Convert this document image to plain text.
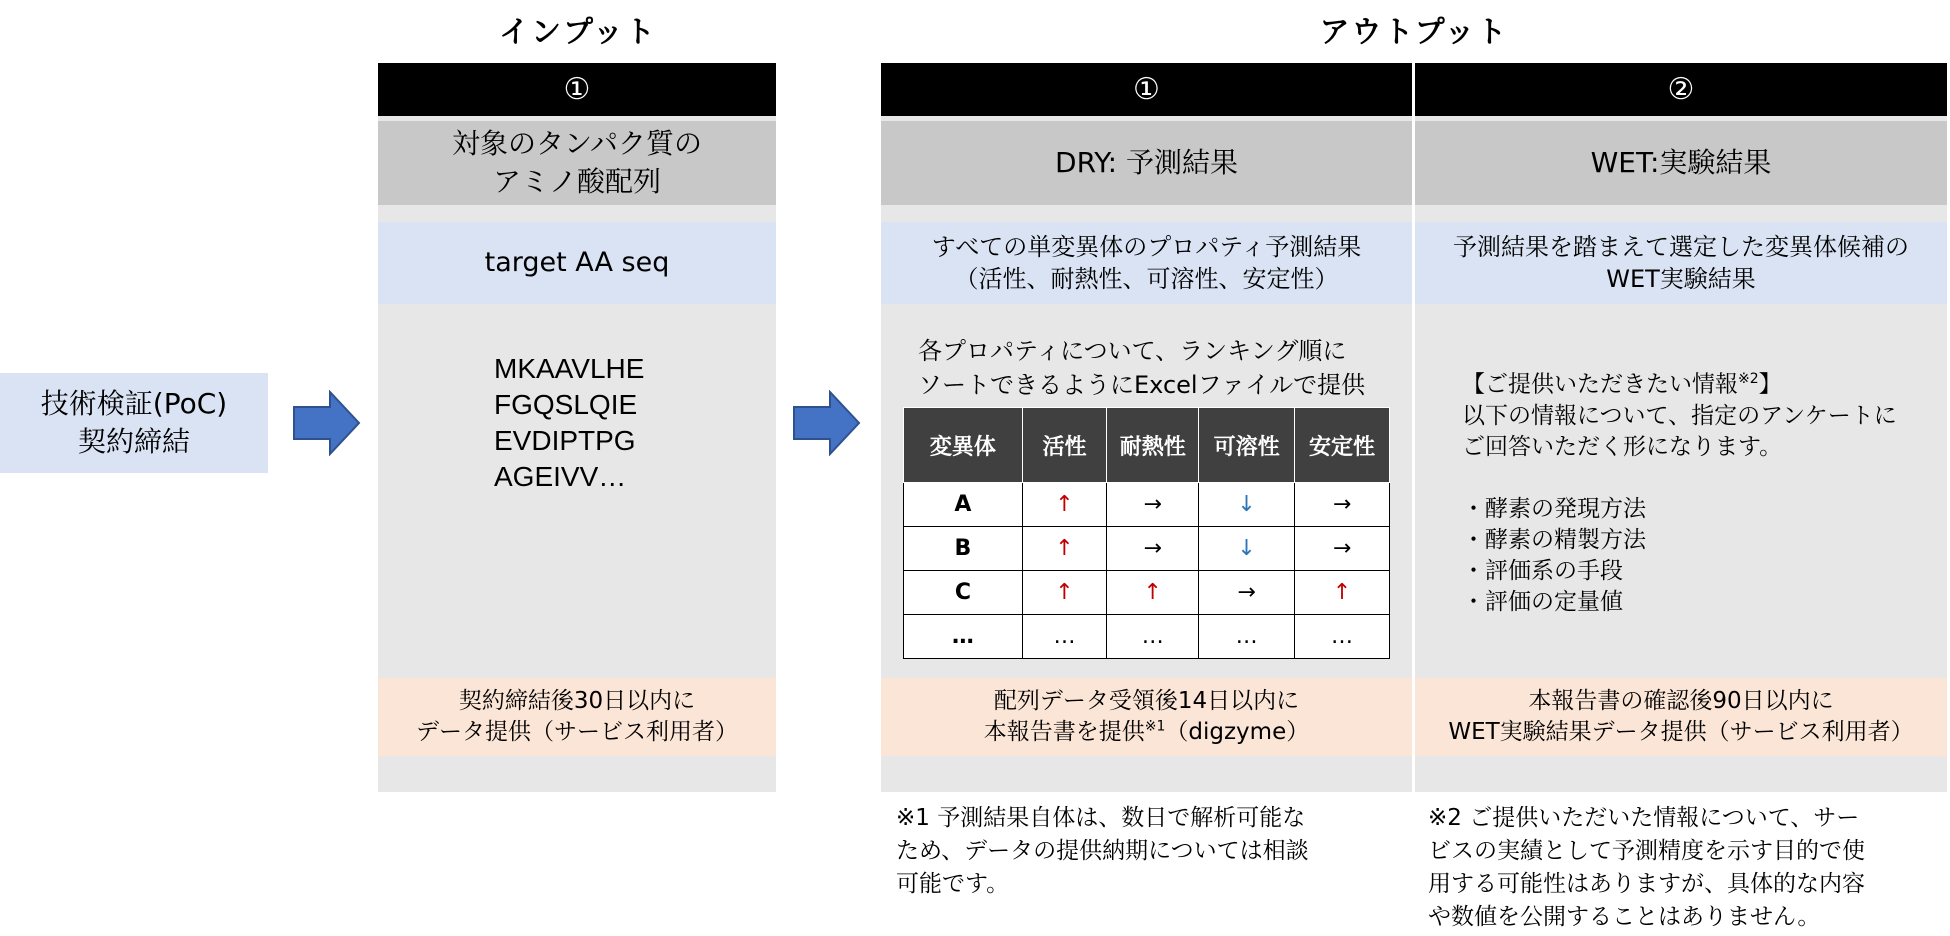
インプット	アウトプット
技術検証(PoC)
契約締結
①
対象のタンパク質の
アミノ酸配列
target AA seq
MKAAVLHE
FGQSLQIE
EVDIPTPG
AGEIVV…
契約締結後30日以内に
データ提供（サービス利用者）
①
DRY: 予測結果
すべての単変異体のプロパティ予測結果
（活性、耐熱性、可溶性、安定性）
各プロパティについて、ランキング順に
ソートできるようにExcelファイルで提供
変異体	活性	耐熱性	可溶性	安定性
A	↑	→	↓	→
B	↑	→	↓	→
C	↑	↑	→	↑
…	…	…	…	…
配列データ受領後14日以内に
本報告書を提供$^{※1}$（digzyme）
②
WET:実験結果
予測結果を踏まえて選定した変異体候補の
WET実験結果
【ご提供いただきたい情報$^{※2}$】
以下の情報について、指定のアンケートに
ご回答いただく形になります。
・酵素の発現方法
・酵素の精製方法
・評価系の手段
・評価の定量値
本報告書の確認後90日以内に
WET実験結果データ提供（サービス利用者）
※1 予測結果自体は、数日で解析可能な
ため、データの提供納期については相談
可能です。
※2 ご提供いただいた情報について、サー
ビスの実績として予測精度を示す目的で使
用する可能性はありますが、具体的な内容
や数値を公開することはありません。
